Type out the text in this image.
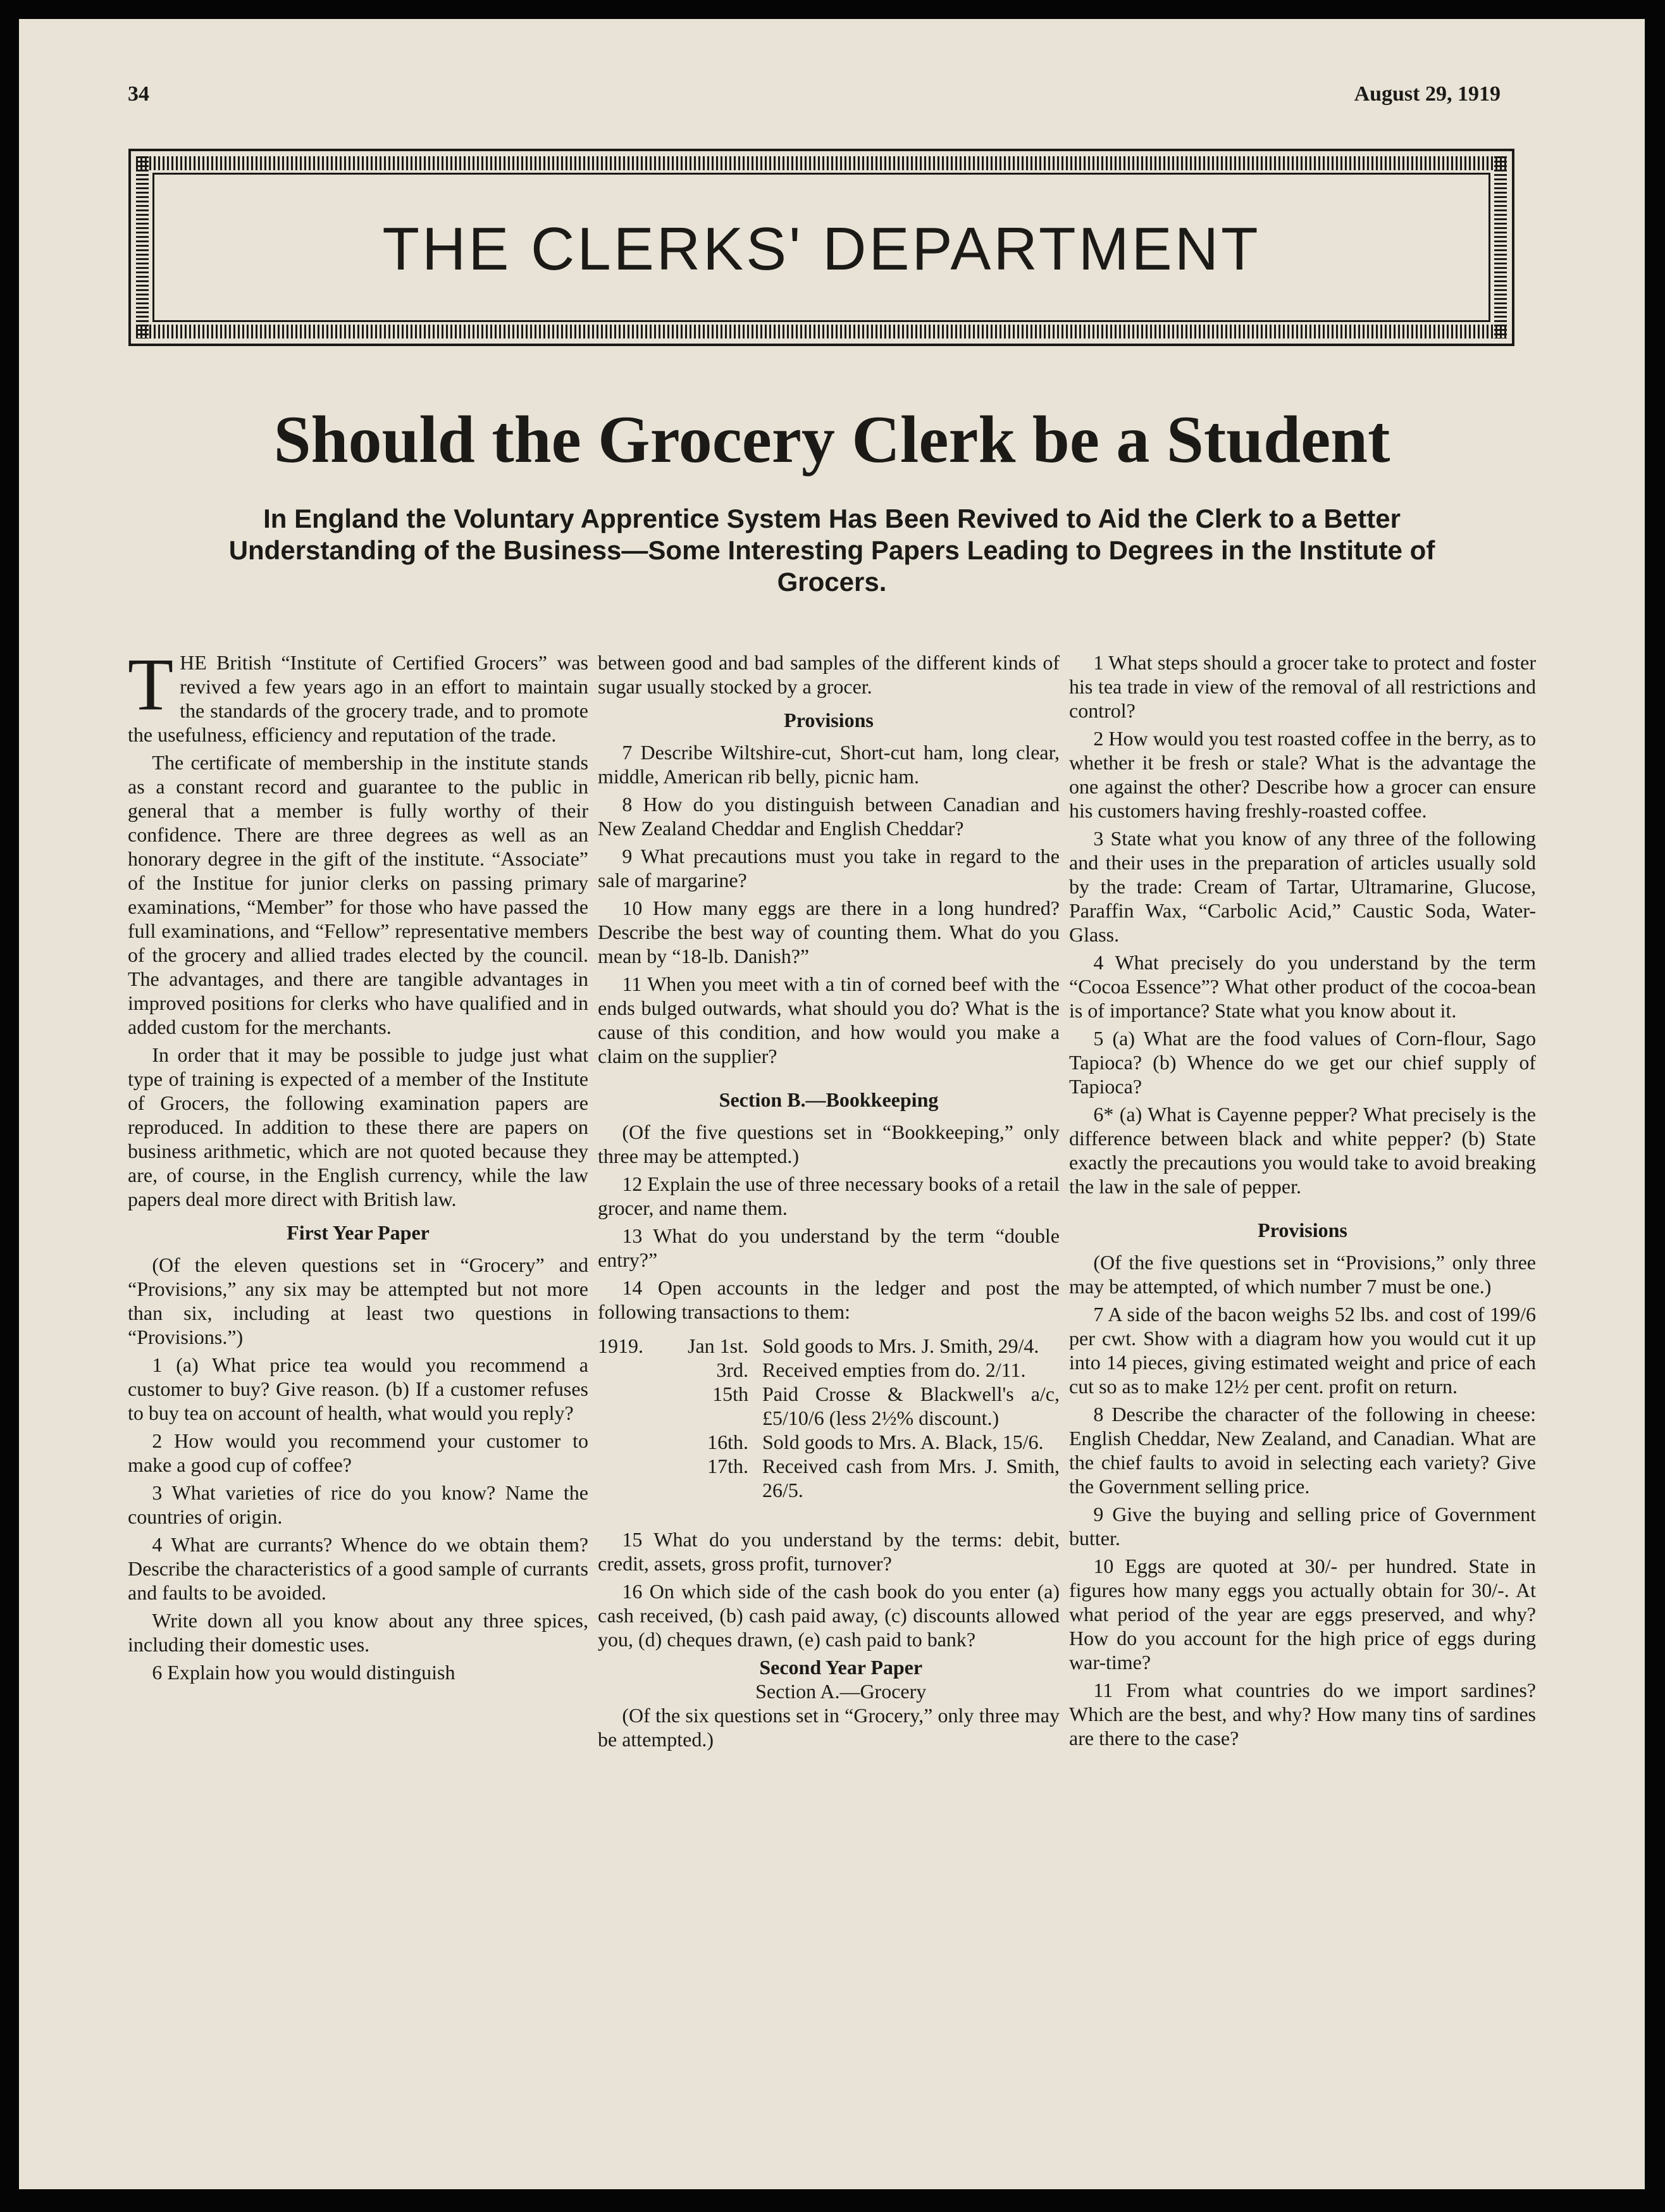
34	August 29, 1919
THE CLERKS' DEPARTMENT
Should the Grocery Clerk be a Student
In England the Voluntary Apprentice System Has Been Revived to Aid the Clerk to a Better Understanding of the Business—Some Interesting Papers Leading to Degrees in the Institute of Grocers.

THE British “Institute of Certified Grocers” was revived a few years ago in an effort to maintain the standards of the grocery trade, and to promote the usefulness, efficiency and reputation of the trade.

The certificate of membership in the institute stands as a constant record and guarantee to the public in general that a member is fully worthy of their confidence. There are three degrees as well as an honorary degree in the gift of the institute. “Associate” of the Institue for junior clerks on passing primary examinations, “Member” for those who have passed the full examinations, and “Fellow” representative members of the grocery and allied trades elected by the council. The advantages, and there are tangible advantages in improved positions for clerks who have qualified and in added custom for the merchants.

In order that it may be possible to judge just what type of training is expected of a member of the Institute of Grocers, the following examination papers are reproduced. In addition to these there are papers on business arithmetic, which are not quoted because they are, of course, in the English currency, while the law papers deal more direct with British law.

First Year Paper

(Of the eleven questions set in “Grocery” and “Provisions,” any six may be attempted but not more than six, including at least two questions in “Provisions.”)

1 (a) What price tea would you recommend a customer to buy? Give reason. (b) If a customer refuses to buy tea on account of health, what would you reply?

2 How would you recommend your customer to make a good cup of coffee?

3 What varieties of rice do you know? Name the countries of origin.

4 What are currants? Whence do we obtain them? Describe the characteristics of a good sample of currants and faults to be avoided.

Write down all you know about any three spices, including their domestic uses.

6 Explain how you would distinguish

between good and bad samples of the different kinds of sugar usually stocked by a grocer.

Provisions

7 Describe Wiltshire-cut, Short-cut ham, long clear, middle, American rib belly, picnic ham.

8 How do you distinguish between Canadian and New Zealand Cheddar and English Cheddar?

9 What precautions must you take in regard to the sale of margarine?

10 How many eggs are there in a long hundred? Describe the best way of counting them. What do you mean by “18-lb. Danish?”

11 When you meet with a tin of corned beef with the ends bulged outwards, what should you do? What is the cause of this condition, and how would you make a claim on the supplier?

Section B.—Bookkeeping

(Of the five questions set in “Bookkeeping,” only three may be attempted.)

12 Explain the use of three necessary books of a retail grocer, and name them.

13 What do you understand by the term “double entry?”

14 Open accounts in the ledger and post the following transactions to them:

1919.	Jan 1st. Sold goods to Mrs. J. Smith, 29/4.
3rd. Received empties from do. 2/11.
15th Paid Crosse & Blackwell's a/c, £5/10/6 (less 2½% discount.)
16th. Sold goods to Mrs. A. Black, 15/6.
17th. Received cash from Mrs. J. Smith, 26/5.

15 What do you understand by the terms: debit, credit, assets, gross profit, turnover?

16 On which side of the cash book do you enter (a) cash received, (b) cash paid away, (c) discounts allowed you, (d) cheques drawn, (e) cash paid to bank?

Second Year Paper

Section A.—Grocery

(Of the six questions set in “Grocery,” only three may be attempted.)

1 What steps should a grocer take to protect and foster his tea trade in view of the removal of all restrictions and control?

2 How would you test roasted coffee in the berry, as to whether it be fresh or stale? What is the advantage the one against the other? Describe how a grocer can ensure his customers having freshly-roasted coffee.

3 State what you know of any three of the following and their uses in the preparation of articles usually sold by the trade: Cream of Tartar, Ultramarine, Glucose, Paraffin Wax, “Carbolic Acid,” Caustic Soda, Water-Glass.

4 What precisely do you understand by the term “Cocoa Essence”? What other product of the cocoa-bean is of importance? State what you know about it.

5 (a) What are the food values of Corn-flour, Sago Tapioca? (b) Whence do we get our chief supply of Tapioca?

6* (a) What is Cayenne pepper? What precisely is the difference between black and white pepper? (b) State exactly the precautions you would take to avoid breaking the law in the sale of pepper.

Provisions

(Of the five questions set in “Provisions,” only three may be attempted, of which number 7 must be one.)

7 A side of the bacon weighs 52 lbs. and cost of 199/6 per cwt. Show with a diagram how you would cut it up into 14 pieces, giving estimated weight and price of each cut so as to make 12½ per cent. profit on return.

8 Describe the character of the following in cheese: English Cheddar, New Zealand, and Canadian. What are the chief faults to avoid in selecting each variety? Give the Government selling price.

9 Give the buying and selling price of Government butter.

10 Eggs are quoted at 30/- per hundred. State in figures how many eggs you actually obtain for 30/-. At what period of the year are eggs preserved, and why? How do you account for the high price of eggs during war-time?

11 From what countries do we import sardines? Which are the best, and why? How many tins of sardines are there to the case?
